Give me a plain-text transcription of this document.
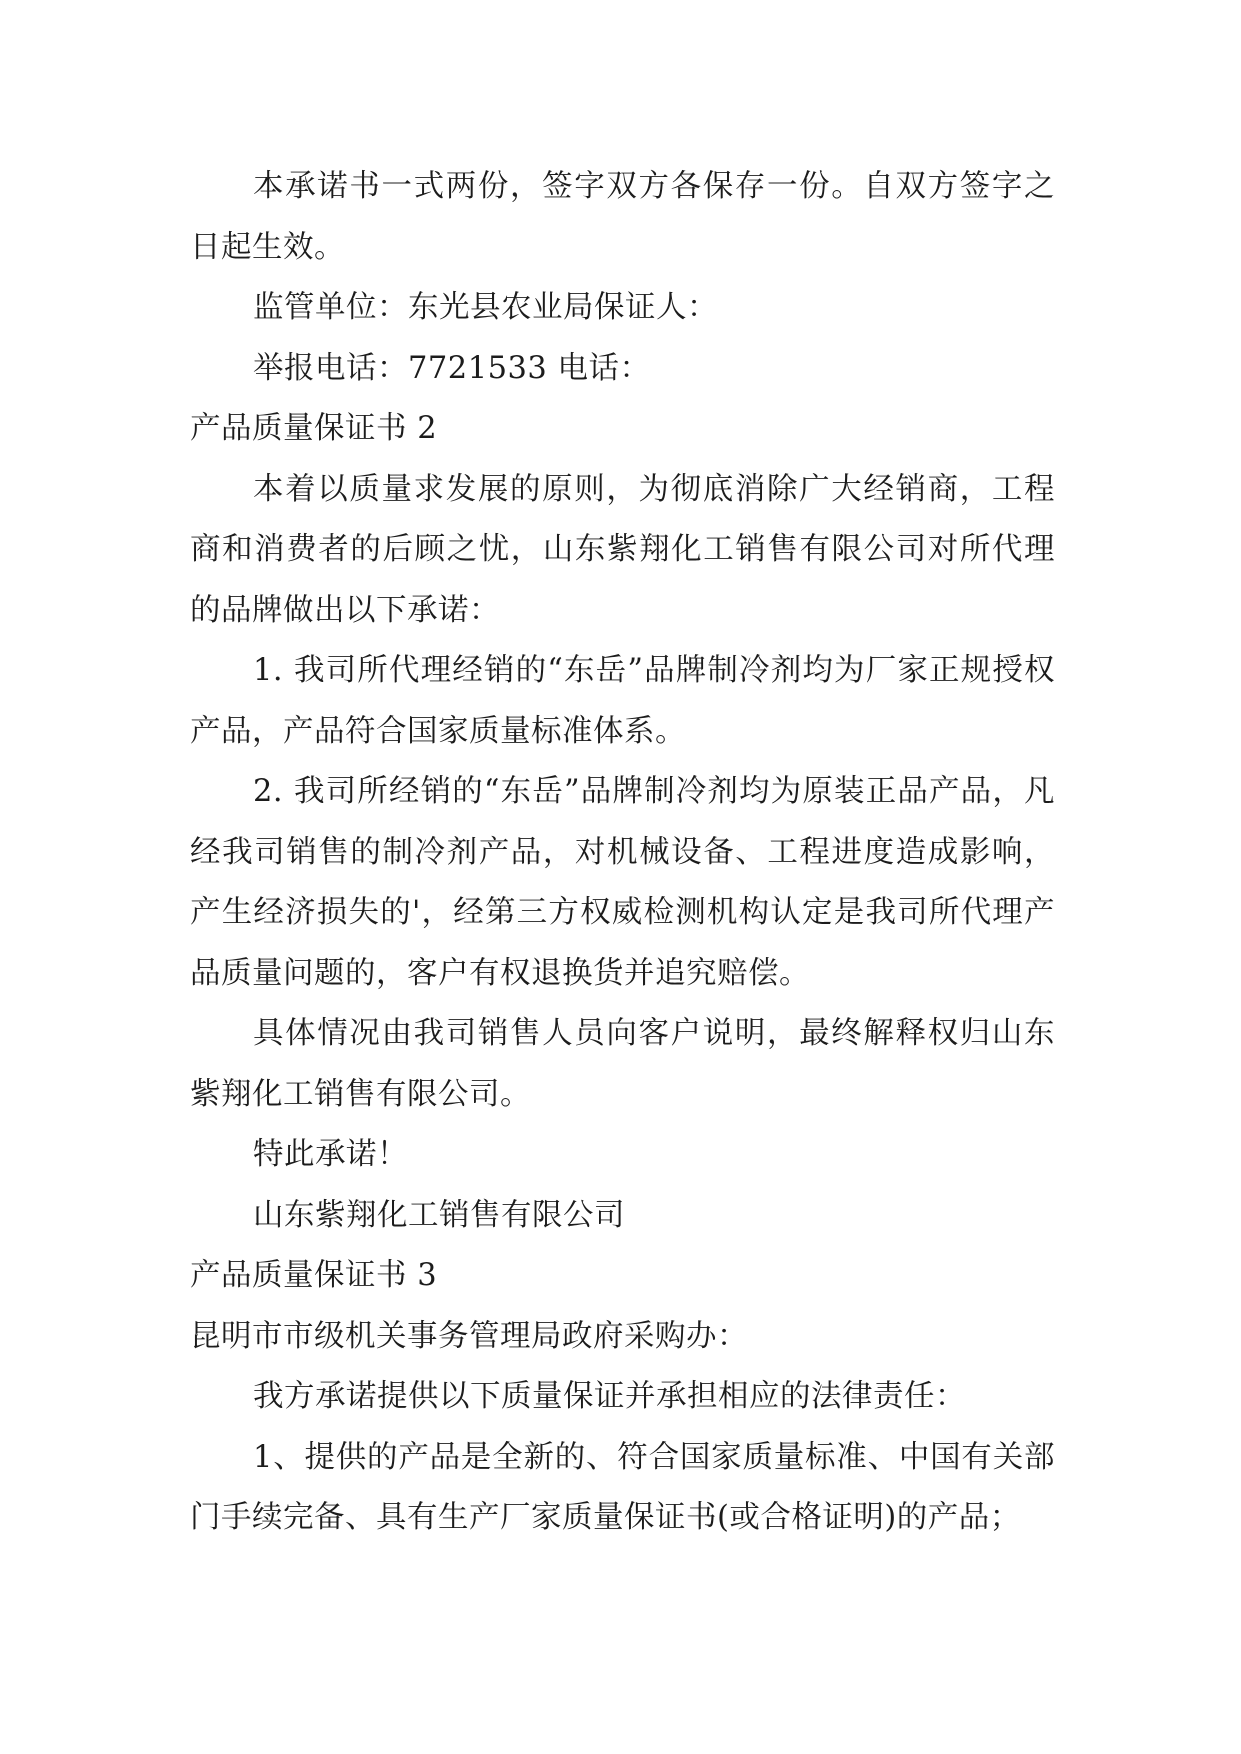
本承诺书一式两份，签字双方各保存一份。自双方签字之日起生效。

监管单位：东光县农业局保证人：

举报电话：7721533 电话：

产品质量保证书 2

本着以质量求发展的原则，为彻底消除广大经销商，工程商和消费者的后顾之忧，山东紫翔化工销售有限公司对所代理的品牌做出以下承诺：

1. 我司所代理经销的“东岳”品牌制冷剂均为厂家正规授权产品，产品符合国家质量标准体系。

2. 我司所经销的“东岳”品牌制冷剂均为原装正品产品，凡经我司销售的制冷剂产品，对机械设备、工程进度造成影响，产生经济损失的'，经第三方权威检测机构认定是我司所代理产品质量问题的，客户有权退换货并追究赔偿。

具体情况由我司销售人员向客户说明，最终解释权归山东紫翔化工销售有限公司。

特此承诺！

山东紫翔化工销售有限公司

产品质量保证书 3

昆明市市级机关事务管理局政府采购办：

我方承诺提供以下质量保证并承担相应的法律责任：

1、提供的产品是全新的、符合国家质量标准、中国有关部门手续完备、具有生产厂家质量保证书(或合格证明)的产品；
